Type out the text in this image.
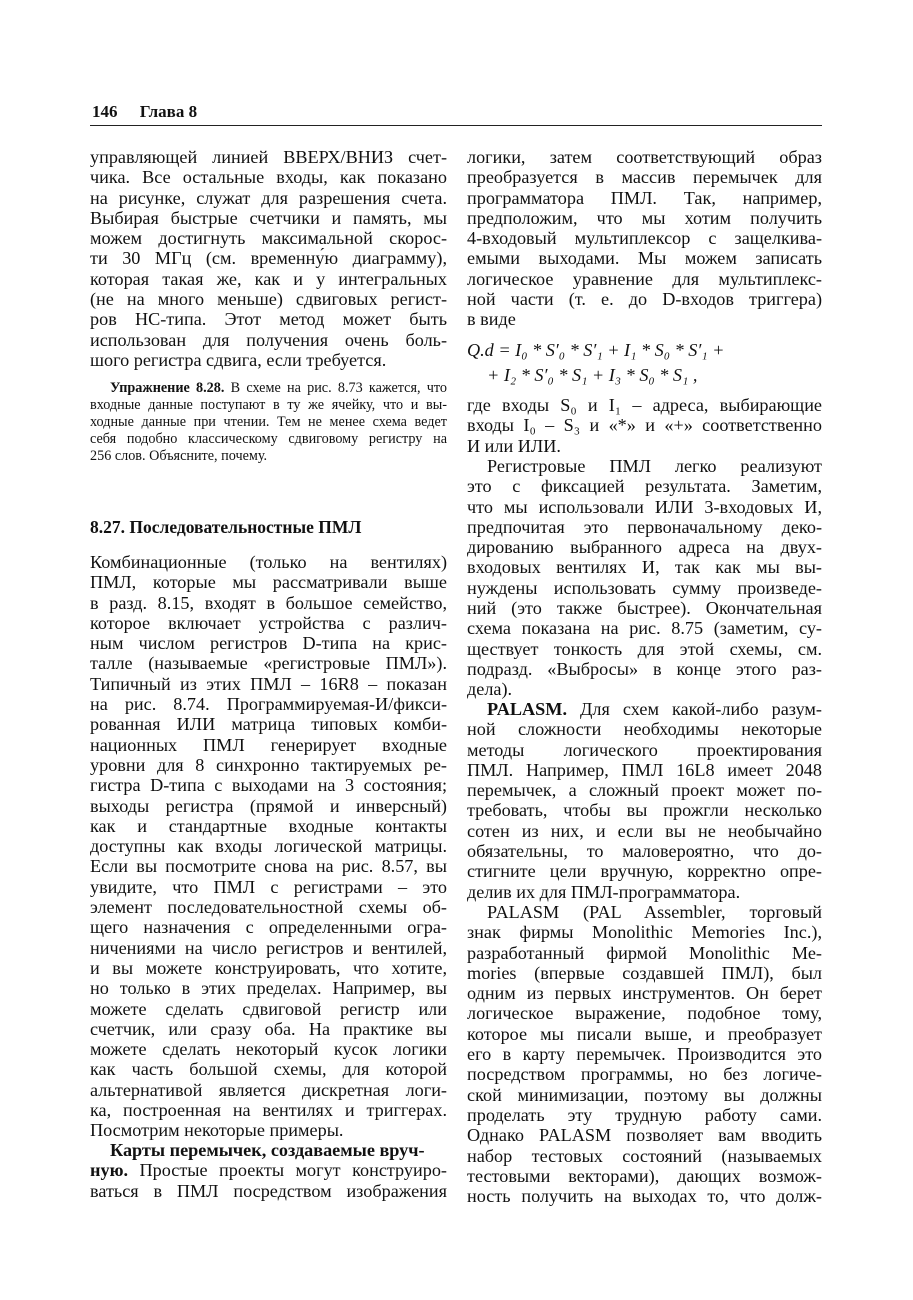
146 Глава 8
управляющей линией ВВЕРХ/ВНИЗ счет-
чика. Все остальные входы, как показано
на рисунке, служат для разрешения счета.
Выбирая быстрые счетчики и память, мы
можем достигнуть максимальной скорос-
ти 30 МГц (см. временну́ю диаграмму),
которая такая же, как и у интегральных
(не на много меньше) сдвиговых регист-
ров НС-типа. Этот метод может быть
использован для получения очень боль-
шого регистра сдвига, если требуется.
Упражнение 8.28. В схеме на рис. 8.73 кажется, что
входные данные поступают в ту же ячейку, что и вы-
ходные данные при чтении. Тем не менее схема ведет
себя подобно классическому сдвиговому регистру на
256 слов. Объясните, почему.
8.27. Последовательностные ПМЛ
Комбинационные (только на вентилях)
ПМЛ, которые мы рассматривали выше
в разд. 8.15, входят в большое семейство,
которое включает устройства с различ-
ным числом регистров D-типа на крис-
талле (называемые «регистровые ПМЛ»).
Типичный из этих ПМЛ – 16R8 – показан
на рис. 8.74. Программируемая-И/фикси-
рованная ИЛИ матрица типовых комби-
национных ПМЛ генерирует входные
уровни для 8 синхронно тактируемых ре-
гистра D-типа с выходами на 3 состояния;
выходы регистра (прямой и инверсный)
как и стандартные входные контакты
доступны как входы логической матрицы.
Если вы посмотрите снова на рис. 8.57, вы
увидите, что ПМЛ с регистрами – это
элемент последовательностной схемы об-
щего назначения с определенными огра-
ничениями на число регистров и вентилей,
и вы можете конструировать, что хотите,
но только в этих пределах. Например, вы
можете сделать сдвиговой регистр или
счетчик, или сразу оба. На практике вы
можете сделать некоторый кусок логики
как часть большой схемы, для которой
альтернативой является дискретная логи-
ка, построенная на вентилях и триггерах.
Посмотрим некоторые примеры.
Карты перемычек, создаваемые вруч-
ную. Простые проекты могут конструиро-
ваться в ПМЛ посредством изображения
логики, затем соответствующий образ
преобразуется в массив перемычек для
программатора ПМЛ. Так, например,
предположим, что мы хотим получить
4-входовый мультиплексор с защелкива-
емыми выходами. Мы можем записать
логическое уравнение для мультиплекс-
ной части (т. е. до D-входов триггера)
в виде
Q.d = I₀ * S′₀ * S′₁ + I₁ * S₀ * S′₁ +
+ I₂ * S′₀ * S₁ + I₃ * S₀ * S₁ ,
где входы S₀ и I₁ – адреса, выбирающие
входы I₀ – S₃ и «*» и «+» соответственно
И или ИЛИ.
Регистровые ПМЛ легко реализуют
это с фиксацией результата. Заметим,
что мы использовали ИЛИ 3-входовых И,
предпочитая это первоначальному деко-
дированию выбранного адреса на двух-
входовых вентилях И, так как мы вы-
нуждены использовать сумму произведе-
ний (это также быстрее). Окончательная
схема показана на рис. 8.75 (заметим, су-
ществует тонкость для этой схемы, см.
подразд. «Выбросы» в конце этого раз-
дела).
PALASM. Для схем какой-либо разум-
ной сложности необходимы некоторые
методы логического проектирования
ПМЛ. Например, ПМЛ 16L8 имеет 2048
перемычек, а сложный проект может по-
требовать, чтобы вы прожгли несколько
сотен из них, и если вы не необычайно
обязательны, то маловероятно, что до-
стигните цели вручную, корректно опре-
делив их для ПМЛ-программатора.
PALASM (PAL Assembler, торговый
знак фирмы Monolithic Memories Inc.),
разработанный фирмой Monolithic Ме-
mories (впервые создавшей ПМЛ), был
одним из первых инструментов. Он берет
логическое выражение, подобное тому,
которое мы писали выше, и преобразует
его в карту перемычек. Производится это
посредством программы, но без логиче-
ской минимизации, поэтому вы должны
проделать эту трудную работу сами.
Однако PALASM позволяет вам вводить
набор тестовых состояний (называемых
тестовыми векторами), дающих возмож-
ность получить на выходах то, что долж-
